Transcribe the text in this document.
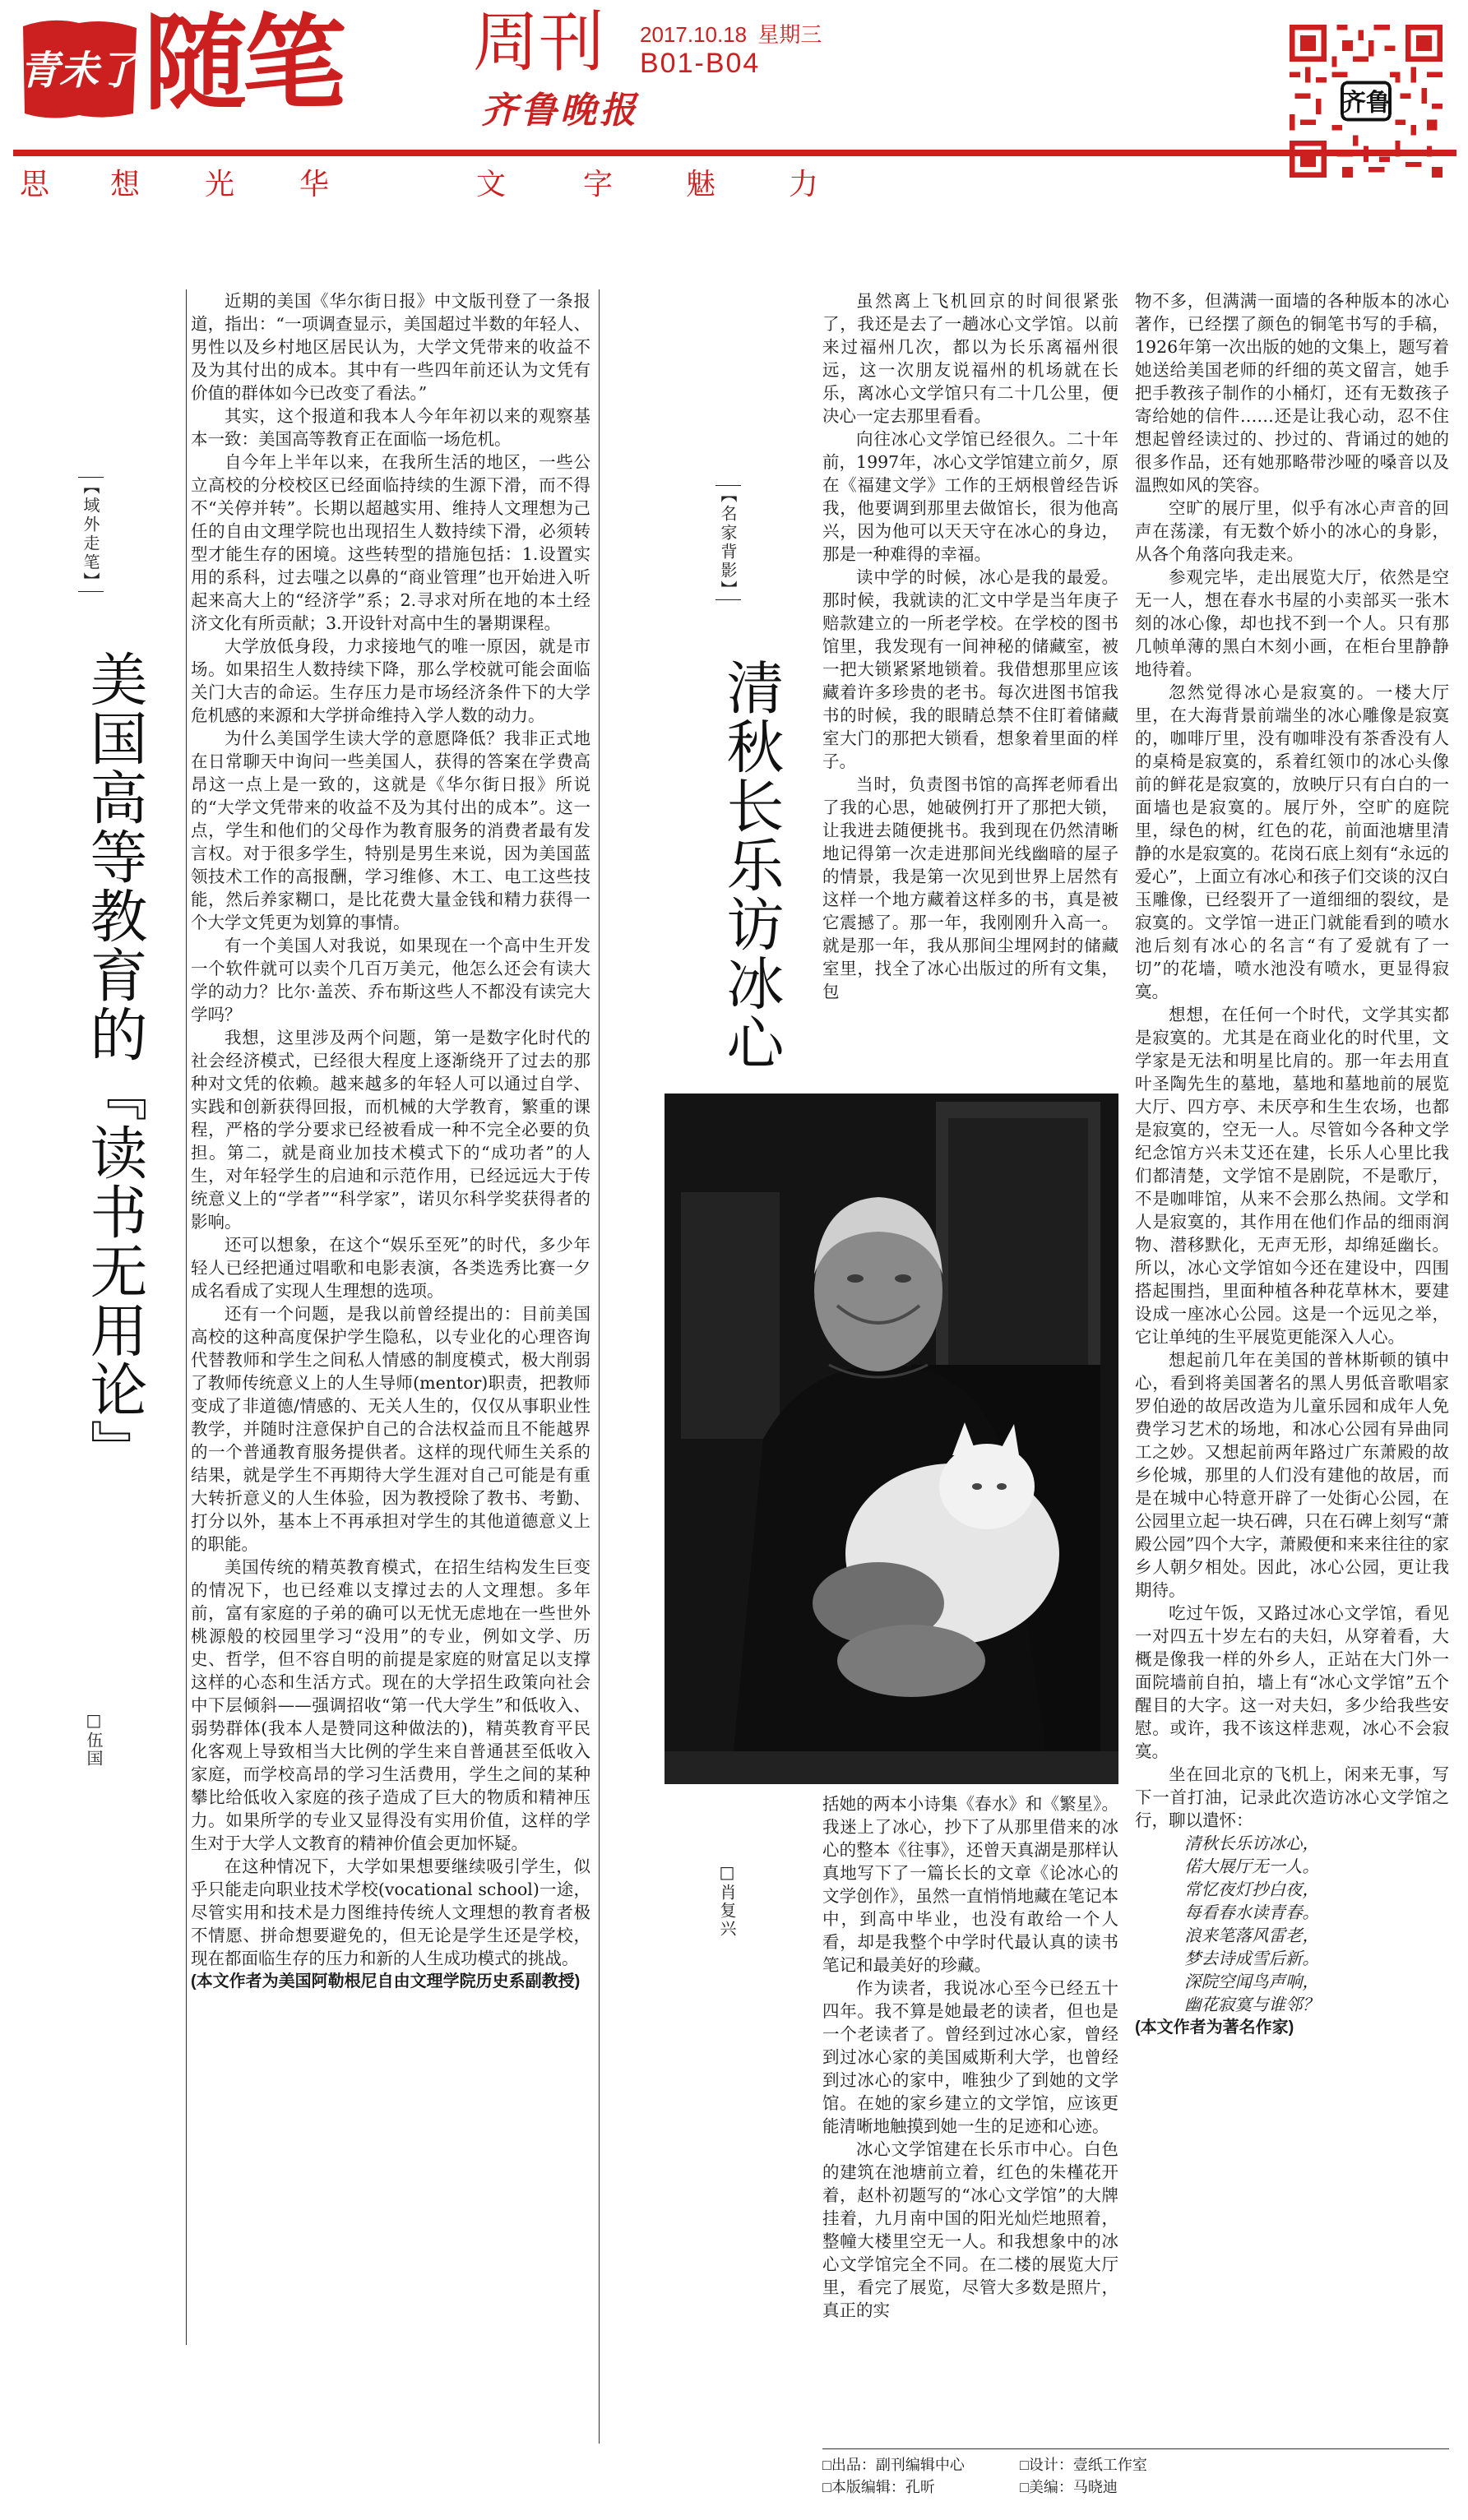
青未了 随笔 周刊
齐鲁晚报
2017.10.18 星期三
B01-B04
齐鲁
思 想 光 华	文	字 魅 力
【域外走笔】
美国高等教育的『读书无用论』
□伍国

近期的美国《华尔街日报》中文版刊登了一条报道，指出：“一项调查显示，美国超过半数的年轻人、男性以及乡村地区居民认为，大学文凭带来的收益不及为其付出的成本。其中有一些四年前还认为文凭有价值的群体如今已改变了看法。”

其实，这个报道和我本人今年年初以来的观察基本一致：美国高等教育正在面临一场危机。

自今年上半年以来，在我所生活的地区，一些公立高校的分校校区已经面临持续的生源下滑，而不得不“关停并转”。长期以超越实用、维持人文理想为己任的自由文理学院也出现招生人数持续下滑，必须转型才能生存的困境。这些转型的措施包括：1.设置实用的系科，过去嗤之以鼻的“商业管理”也开始进入听起来高大上的“经济学”系；2.寻求对所在地的本土经济文化有所贡献；3.开设针对高中生的暑期课程。

大学放低身段，力求接地气的唯一原因，就是市场。如果招生人数持续下降，那么学校就可能会面临关门大吉的命运。生存压力是市场经济条件下的大学危机感的来源和大学拼命维持入学人数的动力。

为什么美国学生读大学的意愿降低？我非正式地在日常聊天中询问一些美国人，获得的答案在学费高昂这一点上是一致的，这就是《华尔街日报》所说的“大学文凭带来的收益不及为其付出的成本”。这一点，学生和他们的父母作为教育服务的消费者最有发言权。对于很多学生，特别是男生来说，因为美国蓝领技术工作的高报酬，学习维修、木工、电工这些技能，然后养家糊口，是比花费大量金钱和精力获得一个大学文凭更为划算的事情。

有一个美国人对我说，如果现在一个高中生开发一个软件就可以卖个几百万美元，他怎么还会有读大学的动力？比尔·盖茨、乔布斯这些人不都没有读完大学吗？

我想，这里涉及两个问题，第一是数字化时代的社会经济模式，已经很大程度上逐渐绕开了过去的那种对文凭的依赖。越来越多的年轻人可以通过自学、实践和创新获得回报，而机械的大学教育，繁重的课程，严格的学分要求已经被看成一种不完全必要的负担。第二，就是商业加技术模式下的“成功者”的人生，对年轻学生的启迪和示范作用，已经远远大于传统意义上的“学者”“科学家”，诺贝尔科学奖获得者的影响。

还可以想象，在这个“娱乐至死”的时代，多少年轻人已经把通过唱歌和电影表演，各类选秀比赛一夕成名看成了实现人生理想的选项。

还有一个问题，是我以前曾经提出的：目前美国高校的这种高度保护学生隐私，以专业化的心理咨询代替教师和学生之间私人情感的制度模式，极大削弱了教师传统意义上的人生导师(mentor)职责，把教师变成了非道德/情感的、无关人生的，仅仅从事职业性教学，并随时注意保护自己的合法权益而且不能越界的一个普通教育服务提供者。这样的现代师生关系的结果，就是学生不再期待大学生涯对自己可能是有重大转折意义的人生体验，因为教授除了教书、考勤、打分以外，基本上不再承担对学生的其他道德意义上的职能。

美国传统的精英教育模式，在招生结构发生巨变的情况下，也已经难以支撑过去的人文理想。多年前，富有家庭的子弟的确可以无忧无虑地在一些世外桃源般的校园里学习“没用”的专业，例如文学、历史、哲学，但不容自明的前提是家庭的财富足以支撑这样的心态和生活方式。现在的大学招生政策向社会中下层倾斜——强调招收“第一代大学生”和低收入、弱势群体(我本人是赞同这种做法的)，精英教育平民化客观上导致相当大比例的学生来自普通甚至低收入家庭，而学校高昂的学习生活费用，学生之间的某种攀比给低收入家庭的孩子造成了巨大的物质和精神压力。如果所学的专业又显得没有实用价值，这样的学生对于大学人文教育的精神价值会更加怀疑。

在这种情况下，大学如果想要继续吸引学生，似乎只能走向职业技术学校(vocational school)一途，尽管实用和技术是力图维持传统人文理想的教育者极不情愿、拼命想要避免的，但无论是学生还是学校，现在都面临生存的压力和新的人生成功模式的挑战。

(本文作者为美国阿勒根尼自由文理学院历史系副教授)

【名家背影】
清秋长乐访冰心
□肖复兴

虽然离上飞机回京的时间很紧张了，我还是去了一趟冰心文学馆。以前来过福州几次，都以为长乐离福州很远，这一次朋友说福州的机场就在长乐，离冰心文学馆只有二十几公里，便决心一定去那里看看。

向往冰心文学馆已经很久。二十年前，1997年，冰心文学馆建立前夕，原在《福建文学》工作的王炳根曾经告诉我，他要调到那里去做馆长，很为他高兴，因为他可以天天守在冰心的身边，那是一种难得的幸福。

读中学的时候，冰心是我的最爱。那时候，我就读的汇文中学是当年庚子赔款建立的一所老学校。在学校的图书馆里，我发现有一间神秘的储藏室，被一把大锁紧紧地锁着。我借想那里应该藏着许多珍贵的老书。每次进图书馆我书的时候，我的眼睛总禁不住盯着储藏室大门的那把大锁看，想象着里面的样子。

当时，负责图书馆的高挥老师看出了我的心思，她破例打开了那把大锁，让我进去随便挑书。我到现在仍然清晰地记得第一次走进那间光线幽暗的屋子的情景，我是第一次见到世界上居然有这样一个地方藏着这样多的书，真是被它震撼了。那一年，我刚刚升入高一。就是那一年，我从那间尘埋网封的储藏室里，找全了冰心出版过的所有文集，包

括她的两本小诗集《春水》和《繁星》。我迷上了冰心，抄下了从那里借来的冰心的整本《往事》，还曾天真湖是那样认真地写下了一篇长长的文章《论冰心的文学创作》，虽然一直悄悄地藏在笔记本中，到高中毕业，也没有敢给一个人看，却是我整个中学时代最认真的读书笔记和最美好的珍藏。

作为读者，我说冰心至今已经五十四年。我不算是她最老的读者，但也是一个老读者了。曾经到过冰心家，曾经到过冰心家的美国威斯利大学，也曾经到过冰心的家中，唯独少了到她的文学馆。在她的家乡建立的文学馆，应该更能清晰地触摸到她一生的足迹和心迹。

冰心文学馆建在长乐市中心。白色的建筑在池塘前立着，红色的朱槿花开着，赵朴初题写的“冰心文学馆”的大牌挂着，九月南中国的阳光灿烂地照着，整幢大楼里空无一人。和我想象中的冰心文学馆完全不同。在二楼的展览大厅里，看完了展览，尽管大多数是照片，真正的实

物不多，但满满一面墙的各种版本的冰心著作，已经摆了颜色的铜笔书写的手稿，1926年第一次出版的她的文集上，题写着她送给美国老师的纤细的英文留言，她手把手教孩子制作的小桶灯，还有无数孩子寄给她的信件……还是让我心动，忍不住想起曾经读过的、抄过的、背诵过的她的很多作品，还有她那略带沙哑的嗓音以及温煦如风的笑容。

空旷的展厅里，似乎有冰心声音的回声在荡漾，有无数个娇小的冰心的身影，从各个角落向我走来。

参观完毕，走出展览大厅，依然是空无一人，想在春水书屋的小卖部买一张木刻的冰心像，却也找不到一个人。只有那几帧单薄的黑白木刻小画，在柜台里静静地待着。

忽然觉得冰心是寂寞的。一楼大厅里，在大海背景前端坐的冰心雕像是寂寞的，咖啡厅里，没有咖啡没有茶香没有人的桌椅是寂寞的，系着红领巾的冰心头像前的鲜花是寂寞的，放映厅只有白白的一面墙也是寂寞的。展厅外，空旷的庭院里，绿色的树，红色的花，前面池塘里清静的水是寂寞的。花岗石底上刻有“永远的爱心”，上面立有冰心和孩子们交谈的汉白玉雕像，已经裂开了一道细细的裂纹，是寂寞的。文学馆一进正门就能看到的喷水池后刻有冰心的名言“有了爱就有了一切”的花墙，喷水池没有喷水，更显得寂寞。

想想，在任何一个时代，文学其实都是寂寞的。尤其是在商业化的时代里，文学家是无法和明星比肩的。那一年去用直叶圣陶先生的墓地，墓地和墓地前的展览大厅、四方亭、未厌亭和生生农场，也都是寂寞的，空无一人。尽管如今各种文学纪念馆方兴未艾还在建，长乐人心里比我们都清楚，文学馆不是剧院，不是歌厅，不是咖啡馆，从来不会那么热闹。文学和人是寂寞的，其作用在他们作品的细雨润物、潜移默化，无声无形，却绵延幽长。所以，冰心文学馆如今还在建设中，四围搭起围挡，里面种植各种花草林木，要建设成一座冰心公园。这是一个远见之举，它让单纯的生平展览更能深入人心。

想起前几年在美国的普林斯顿的镇中心，看到将美国著名的黑人男低音歌唱家罗伯逊的故居改造为儿童乐园和成年人免费学习艺术的场地，和冰心公园有异曲同工之妙。又想起前两年路过广东萧殿的故乡伦城，那里的人们没有建他的故居，而是在城中心特意开辟了一处街心公园，在公园里立起一块石碑，只在石碑上刻写“萧殿公园”四个大字，萧殿便和来来往往的家乡人朝夕相处。因此，冰心公园，更让我期待。

吃过午饭，又路过冰心文学馆，看见一对四五十岁左右的夫妇，从穿着看，大概是像我一样的外乡人，正站在大门外一面院墙前自拍，墙上有“冰心文学馆”五个醒目的大字。这一对夫妇，多少给我些安慰。或许，我不该这样悲观，冰心不会寂寞。

坐在回北京的飞机上，闲来无事，写下一首打油，记录此次造访冰心文学馆之行，聊以遣怀：

清秋长乐访冰心，

偌大展厅无一人。

常忆夜灯抄白夜，

每看春水读青春。

浪来笔落风雷老，

梦去诗成雪后新。

深院空闻鸟声响，

幽花寂寞与谁邻？

(本文作者为著名作家)

□出品：副刊编辑中心	□设计：壹纸工作室
□本版编辑：孔昕	□美编：马晓迪
